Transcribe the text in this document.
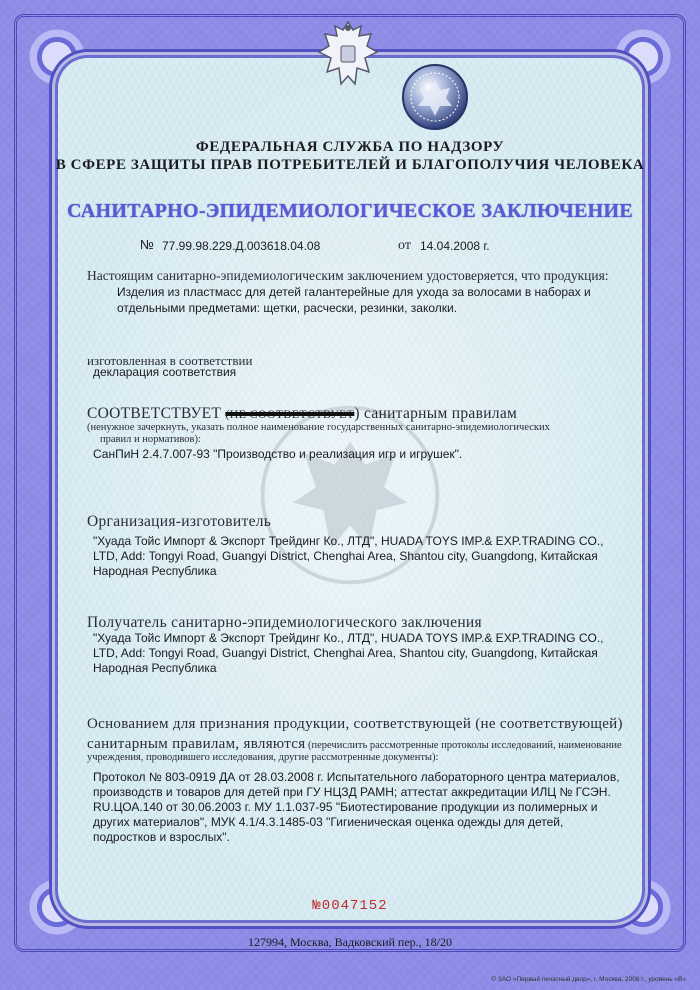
ФЕДЕРАЛЬНАЯ СЛУЖБА ПО НАДЗОРУ

В СФЕРЕ ЗАЩИТЫ ПРАВ ПОТРЕБИТЕЛЕЙ И БЛАГОПОЛУЧИЯ ЧЕЛОВЕКА

САНИТАРНО-ЭПИДЕМИОЛОГИЧЕСКОЕ ЗАКЛЮЧЕНИЕ

№ 77.99.98.229.Д.003618.04.08	от 14.04.2008 г.

Настоящим санитарно-эпидемиологическим заключением удостоверяется, что продукция:

Изделия из пластмасс для детей галантерейные для ухода за волосами в наборах и

отдельными предметами: щетки, расчески, резинки, заколки.

изготовленная в соответствии

декларация соответствия

СООТВЕТСТВУЕТ (НЕ СООТВЕТСТВУЕТ) санитарным правилам

(ненужное зачеркнуть, указать полное наименование государственных санитарно-эпидемиологических

правил и нормативов):

СанПиН 2.4.7.007-93 "Производство и реализация игр и игрушек".

Организация-изготовитель

"Хуада Тойс Импорт & Экспорт Трейдинг Ко., ЛТД", HUADA TOYS IMP.& EXP.TRADING CO.,

LTD, Add: Tongyi Road, Guangyi District, Chenghai Area, Shantou city, Guangdong, Китайская

Народная Республика

Получатель санитарно-эпидемиологического заключения

"Хуада Тойс Импорт & Экспорт Трейдинг Ко., ЛТД", HUADA TOYS IMP.& EXP.TRADING CO.,

LTD, Add: Tongyi Road, Guangyi District, Chenghai Area, Shantou city, Guangdong, Китайская

Народная Республика

Основанием для признания продукции, соответствующей (не соответствующей)

санитарным правилам, являются (перечислить рассмотренные протоколы исследований, наименование

учреждения, проводившего исследования, другие рассмотренные документы):

Протокол № 803-0919 ДА от 28.03.2008 г. Испытательного лабораторного центра материалов,

производств и товаров для детей при ГУ НЦЗД РАМН; аттестат аккредитации ИЛЦ № ГСЭН.

RU.ЦОА.140 от 30.06.2003 г. МУ 1.1.037-95 "Биотестирование продукции из полимерных и

других материалов", МУК 4.1/4.3.1485-03 "Гигиеническая оценка одежды для детей,

подростков и взрослых".

№0047152

127994, Москва, Вадковский пер., 18/20

© ЗАО «Первый печатный двор», г. Москва, 2008 г., уровень «В»
